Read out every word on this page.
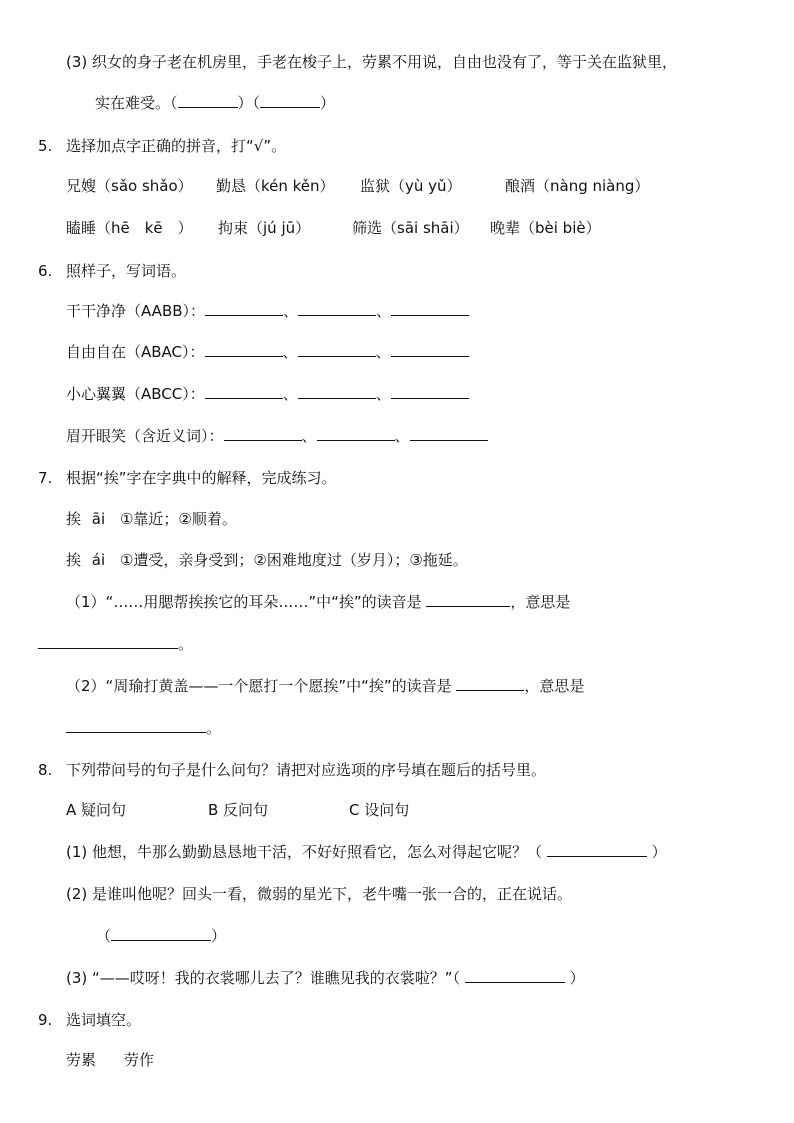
(3) 织女的身子老在机房里，手老在梭子上，劳累不用说，自由也没有了，等于关在监狱里，
实在难受。（	）（	）
5. 选择加点字正确的拼音，打“√”。
兄嫂（sǎo shǎo） 勤恳（kén kěn） 监狱（yù yǔ）	酿酒（nàng niàng）
瞌睡（hē　kē　） 拘束（jú jū）	筛选（sāi shāi） 晚辈（bèi biè）
6. 照样子，写词语。
干干净净（AABB）：	、	、
自由自在（ABAC）：	、	、
小心翼翼（ABCC）：	、	、
眉开眼笑（含近义词）：	、	、
7. 根据“挨”字在字典中的解释，完成练习。
挨 āi ①靠近；②顺着。
挨 ái ①遭受，亲身受到；②困难地度过（岁月）；③拖延。
（1）“……用腮帮挨挨它的耳朵……”中“挨”的读音是	，意思是
。
（2）“周瑜打黄盖——一个愿打一个愿挨”中“挨”的读音是	，意思是
。
8. 下列带问号的句子是什么问句？请把对应选项的序号填在题后的括号里。
A 疑问句	B 反问句	C 设问句
(1) 他想，牛那么勤勤恳恳地干活，不好好照看它，怎么对得起它呢？（	）
(2) 是谁叫他呢？回头一看，微弱的星光下，老牛嘴一张一合的，正在说话。
（	）
(3) “——哎呀！我的衣裳哪儿去了？谁瞧见我的衣裳啦？”（	）
9. 选词填空。
劳累 劳作
